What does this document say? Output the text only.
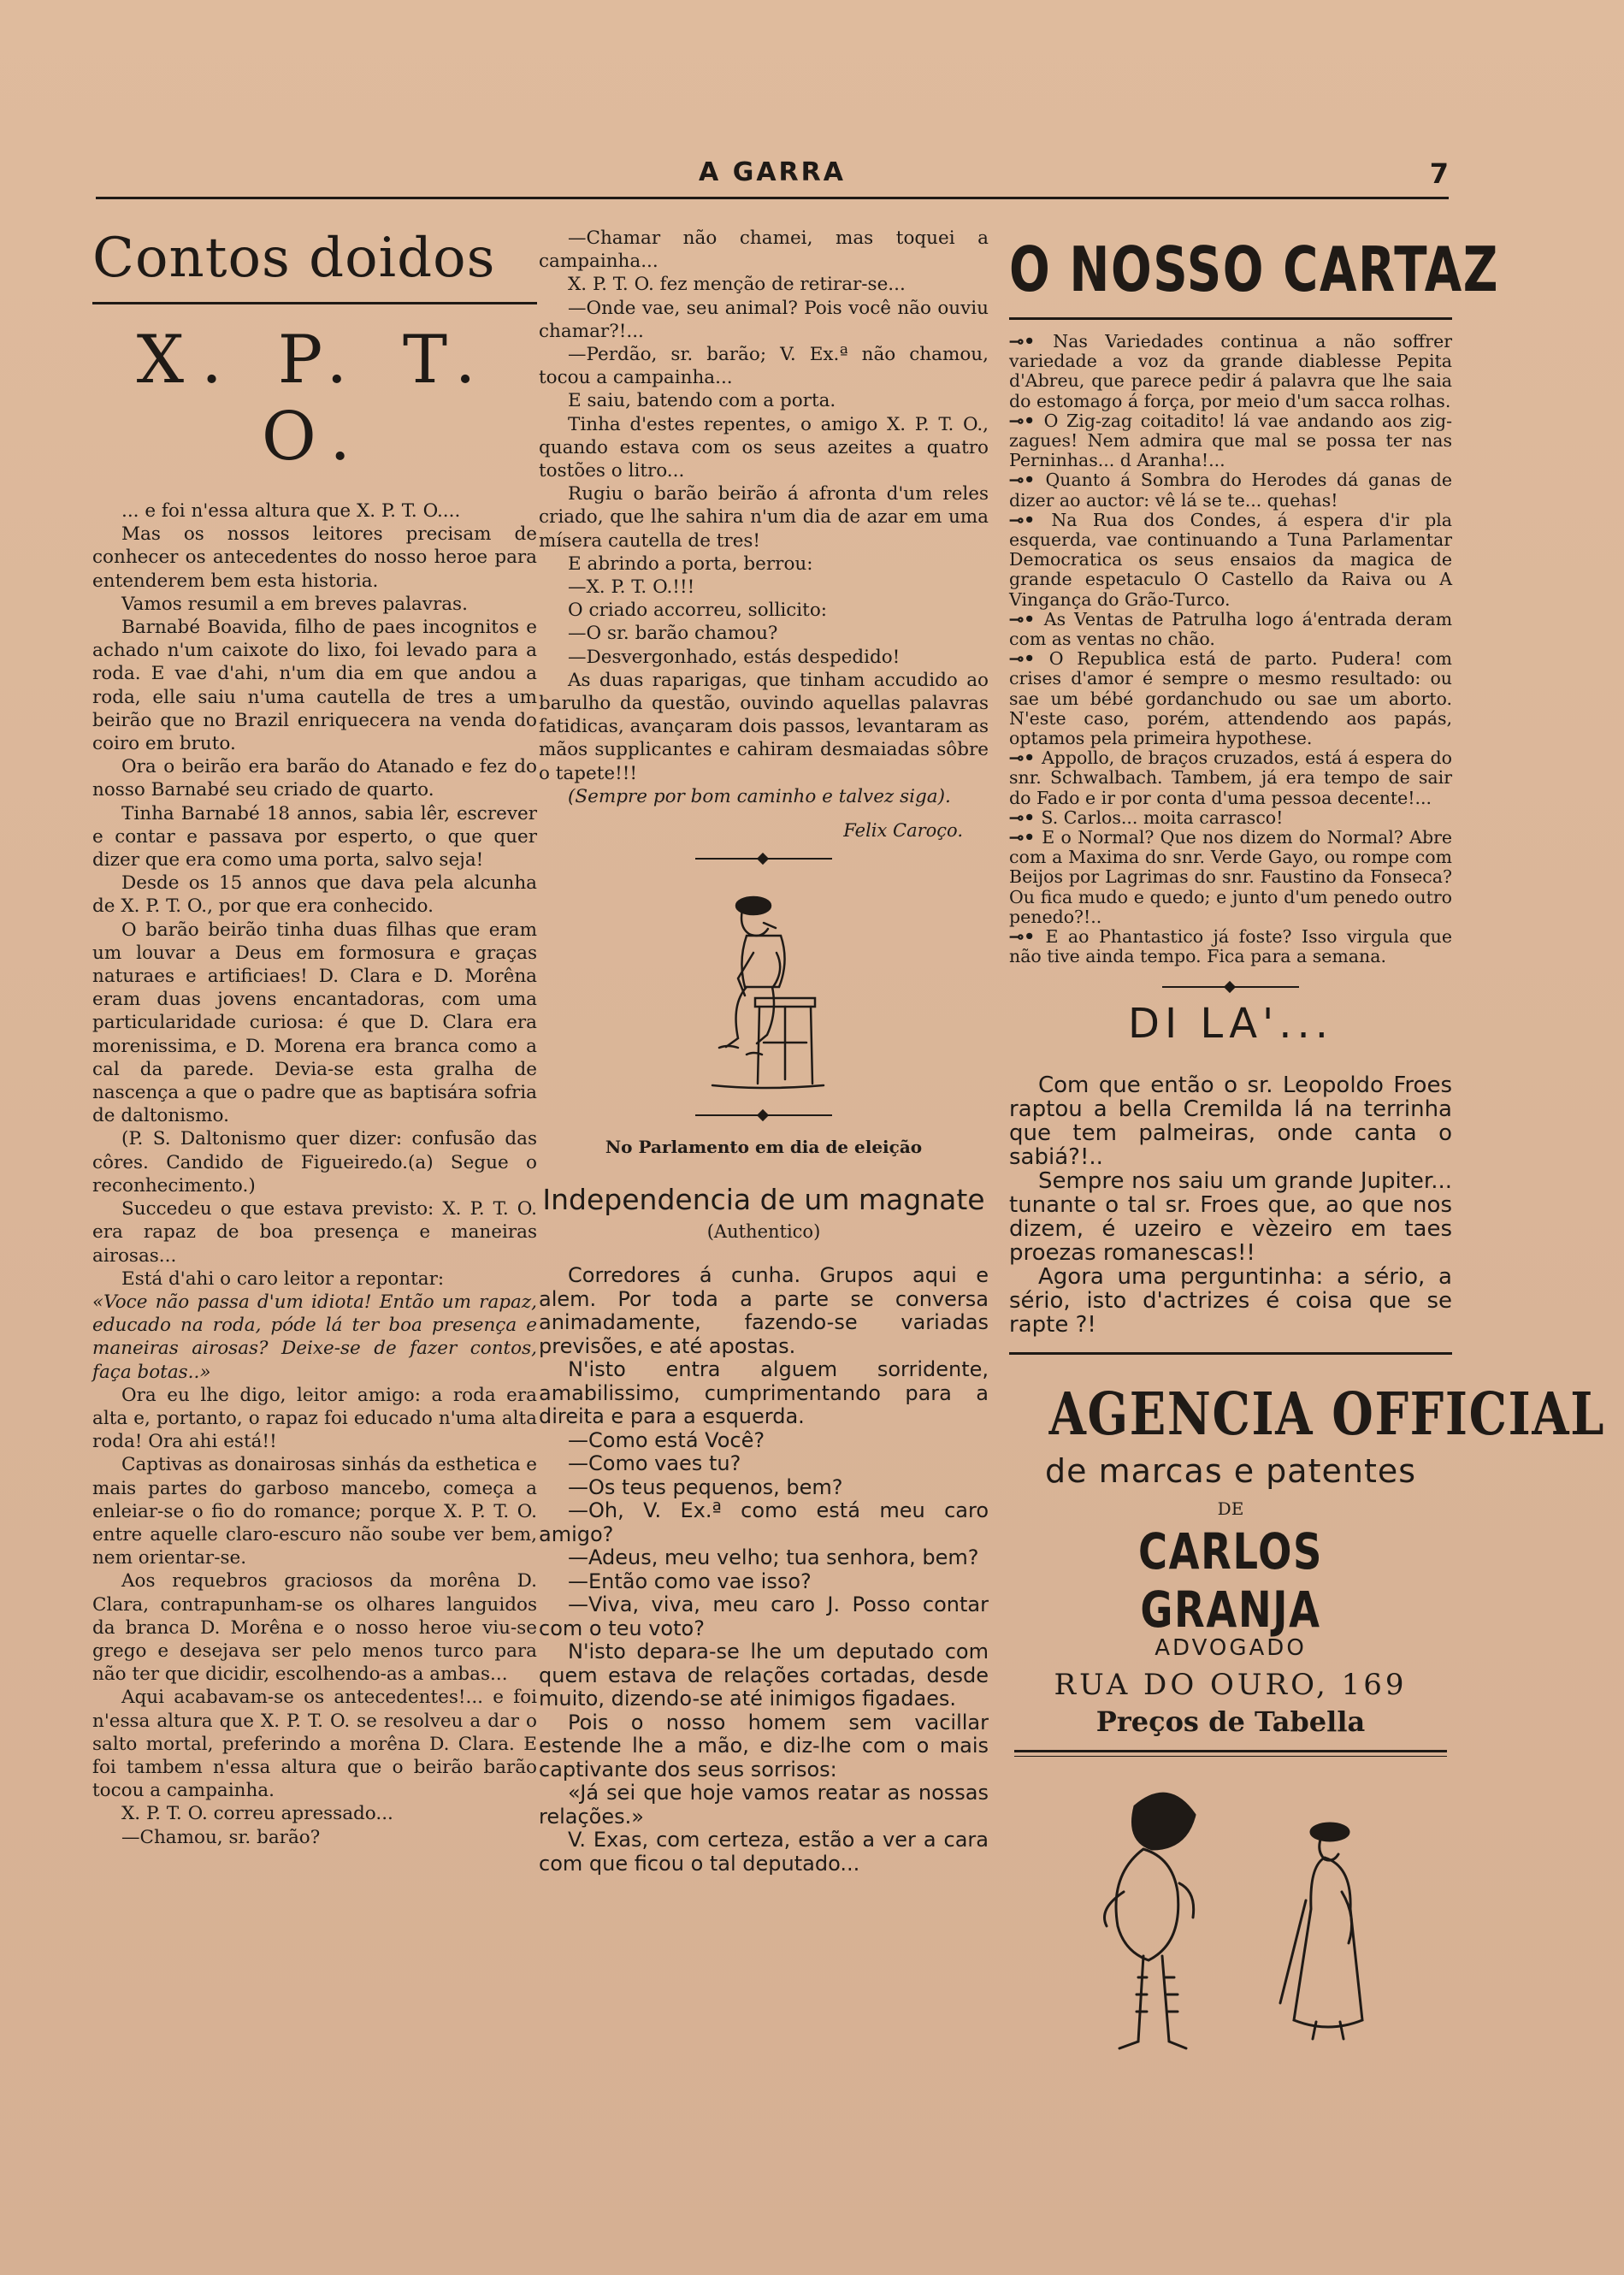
A GARRA	7
Contos doidos
X. P. T. O.

... e foi n'essa altura que X. P. T. O....

Mas os nossos leitores precisam de conhecer os antecedentes do nosso heroe para entenderem bem esta historia.

Vamos resumil a em breves palavras.

Barnabé Boavida, filho de paes incognitos e achado n'um caixote do lixo, foi levado para a roda. E vae d'ahi, n'um dia em que andou a roda, elle saiu n'uma cautella de tres a um beirão que no Brazil enriquecera na venda do coiro em bruto.

Ora o beirão era barão do Atanado e fez do nosso Barnabé seu criado de quarto.

Tinha Barnabé 18 annos, sabia lêr, escrever e contar e passava por esperto, o que quer dizer que era como uma porta, salvo seja!

Desde os 15 annos que dava pela alcunha de X. P. T. O., por que era conhecido.

O barão beirão tinha duas filhas que eram um louvar a Deus em formosura e graças naturaes e artificiaes! D. Clara e D. Morêna eram duas jovens encantadoras, com uma particularidade curiosa: é que D. Clara era morenissima, e D. Morena era branca como a cal da parede. Devia-se esta gralha de nascença a que o padre que as baptisára sofria de daltonismo.

(P. S. Daltonismo quer dizer: confusão das côres. Candido de Figueiredo.(a) Segue o reconhecimento.)

Succedeu o que estava previsto: X. P. T. O. era rapaz de boa presença e maneiras airosas...

Está d'ahi o caro leitor a repontar:

«Voce não passa d'um idiota! Então um rapaz, educado na roda, póde lá ter boa presença e maneiras airosas? Deixe-se de fazer contos, faça botas..»

Ora eu lhe digo, leitor amigo: a roda era alta e, portanto, o rapaz foi educado n'uma alta roda! Ora ahi está!!

Captivas as donairosas sinhás da esthetica e mais partes do garboso mancebo, começa a enleiar-se o fio do romance; porque X. P. T. O. entre aquelle claro-escuro não soube ver bem, nem orientar-se.

Aos requebros graciosos da morêna D. Clara, contrapunham-se os olhares languidos da branca D. Morêna e o nosso heroe viu-se grego e desejava ser pelo menos turco para não ter que dicidir, escolhendo-as a ambas...

Aqui acabavam-se os antecedentes!... e foi n'essa altura que X. P. T. O. se resolveu a dar o salto mortal, preferindo a morêna D. Clara. E foi tambem n'essa altura que o beirão barão tocou a campainha.

X. P. T. O. correu apressado...

—Chamou, sr. barão?

—Chamar não chamei, mas toquei a campainha...

X. P. T. O. fez menção de retirar-se...

—Onde vae, seu animal? Pois você não ouviu chamar?!...

—Perdão, sr. barão; V. Ex.ª não chamou, tocou a campainha...

E saiu, batendo com a porta.

Tinha d'estes repentes, o amigo X. P. T. O., quando estava com os seus azeites a quatro tostões o litro...

Rugiu o barão beirão á afronta d'um reles criado, que lhe sahira n'um dia de azar em uma mísera cautella de tres!

E abrindo a porta, berrou:

—X. P. T. O.!!!

O criado accorreu, sollicito:

—O sr. barão chamou?

—Desvergonhado, estás despedido!

As duas raparigas, que tinham accudido ao barulho da questão, ouvindo aquellas palavras fatidicas, avançaram dois passos, levantaram as mãos supplicantes e cahiram desmaiadas sôbre o tapete!!!

(Sempre por bom caminho e talvez siga).

Felix Caroço.
No Parlamento em dia de eleição
Independencia de um magnate
(Authentico)

Corredores á cunha. Grupos aqui e alem. Por toda a parte se conversa animadamente, fazendo-se variadas previsões, e até apostas.

N'isto entra alguem sorridente, amabilissimo, cumprimentando para a direita e para a esquerda.

—Como está Você?

—Como vaes tu?

—Os teus pequenos, bem?

—Oh, V. Ex.ª como está meu caro amigo?

—Adeus, meu velho; tua senhora, bem?

—Então como vae isso?

—Viva, viva, meu caro J. Posso contar com o teu voto?

N'isto depara-se lhe um deputado com quem estava de relações cortadas, desde muito, dizendo-se até inimigos figadaes.

Pois o nosso homem sem vacillar estende lhe a mão, e diz-lhe com o mais captivante dos seus sorrisos:

«Já sei que hoje vamos reatar as nossas relações.»

V. Exas, com certeza, estão a ver a cara com que ficou o tal deputado...

O NOSSO CARTAZ

⊸• Nas Variedades continua a não soffrer variedade a voz da grande diablesse Pepita d'Abreu, que parece pedir á palavra que lhe saia do estomago á força, por meio d'um sacca rolhas.

⊸• O Zig-zag coitadito! lá vae andando aos zig-zagues! Nem admira que mal se possa ter nas Perninhas... d Aranha!...

⊸• Quanto á Sombra do Herodes dá ganas de dizer ao auctor: vê lá se te... quehas!

⊸• Na Rua dos Condes, á espera d'ir pla esquerda, vae continuando a Tuna Parlamentar Democratica os seus ensaios da magica de grande espetaculo O Castello da Raiva ou A Vingança do Grão-Turco.

⊸• As Ventas de Patrulha logo á'entrada deram com as ventas no chão.

⊸• O Republica está de parto. Pudera! com crises d'amor é sempre o mesmo resultado: ou sae um bébé gordanchudo ou sae um aborto. N'este caso, porém, attendendo aos papás, optamos pela primeira hypothese.

⊸• Appollo, de braços cruzados, está á espera do snr. Schwalbach. Tambem, já era tempo de sair do Fado e ir por conta d'uma pessoa decente!...

⊸• S. Carlos... moita carrasco!

⊸• E o Normal? Que nos dizem do Normal? Abre com a Maxima do snr. Verde Gayo, ou rompe com Beijos por Lagrimas do snr. Faustino da Fonseca? Ou fica mudo e quedo; e junto d'um penedo outro penedo?!..

⊸• E ao Phantastico já foste? Isso virgula que não tive ainda tempo. Fica para a semana.

DI LA'...

Com que então o sr. Leopoldo Froes raptou a bella Cremilda lá na terrinha que tem palmeiras, onde canta o sabiá?!..

Sempre nos saiu um grande Jupiter... tunante o tal sr. Froes que, ao que nos dizem, é uzeiro e vèzeiro em taes proezas romanescas!!

Agora uma perguntinha: a sério, a sério, isto d'actrizes é coisa que se rapte ?!

AGENCIA OFFICIAL
de marcas e patentes
DE
CARLOS GRANJA
ADVOGADO
RUA DO OURO, 169
Preços de Tabella
